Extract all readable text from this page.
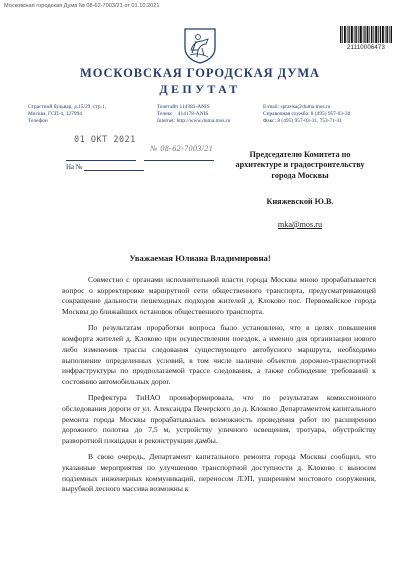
Московская городская Дума № 08-62-7003/21 от 01.10.2021
21110006473
МОСКОВСКАЯ ГОРОДСКАЯ ДУМА
ДЕПУТАТ
Страстной бульвар, д.15/29, стр.1,
Москва, ГСП-4, 127994
Телефон
Телетайп 114383-ANIS
Телекс    414178-ANIS
Internet: http://www.duma.mos.ru
E-mail: spravka@duma.mos.ru
Справочная служба: 8 (495) 957-03-30
Факс: 8 (495) 957-03-31, 753-71-31
01 ОКТ 2021
№ 08-62-7003/21
На №
Председателю Комитета по
архитектуре и градостроительству
города Москвы
Княжевской Ю.В.
mka@mos.ru
Уважаемая Юлиана Владимировна!

Совместно с органами исполнительной власти города Москвы мною прорабатывается вопрос о корректировке маршрутной сети общественного транспорта, предусматривающей сокращение дальности пешеходных подходов жителей д. Клоково пос. Первомайское города Москвы до ближайших остановок общественного транспорта.

По результатам проработки вопроса было установлено, что в целях повышения комфорта жителей д. Клоково при осуществлении поездок, а именно для организации нового либо изменения трассы следования существующего автобусного маршрута, необходимо выполнение определенных условий, в том числе наличие объектов дорожно-транспортной инфраструктуры по предполагаемой трассе следования, а также соблюдение требований к состоянию автомобильных дорог.

Префектура ТиНАО проинформировала, что по результатам комиссионного обследования дороги от ул. Александра Печерского до д. Клоково Департаментом капитального ремонта города Москвы прорабатывалась возможность проведения работ по расширению дорожного полотна до 7,5 м, устройству уличного освещения, тротуара, обустройству разворотной площадки и реконструкции дамбы.

В свою очередь, Департамент капитального ремонта города Москвы сообщил, что указанные мероприятия по улучшению транспортной доступности д. Клоково с выносом подземных инженерных коммуникаций, переносом ЛЭП, уширением мостового сооружения, вырубкой лесного массива возможны к
